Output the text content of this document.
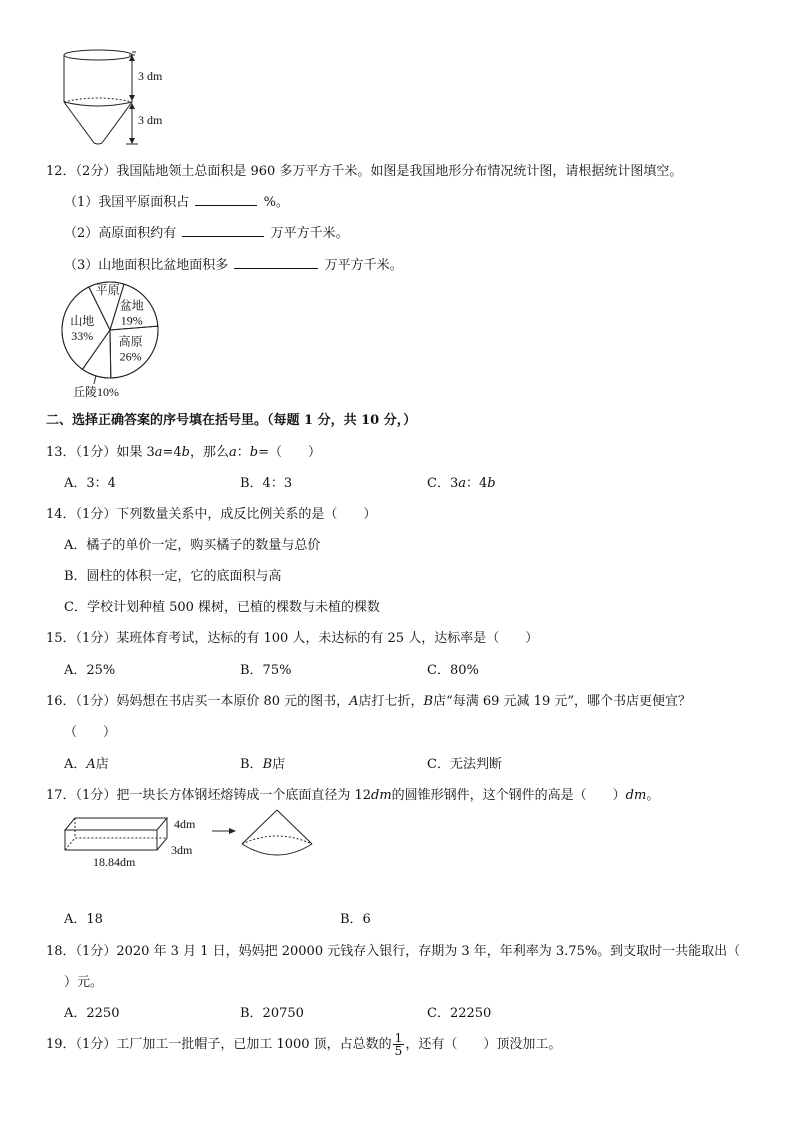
3 dm
3 dm
12．（2分）我国陆地领土总面积是 960 多万平方千米。如图是我国地形分布情况统计图，请根据统计图填空。
（1）我国平原面积占	%。
（2）高原面积约有	万平方千米。
（3）山地面积比盆地面积多	万平方千米。
山地
33%
平原
盆地
19%
高原
26%
丘陵10%
二、选择正确答案的序号填在括号里。（每题 1 分，共 10 分，）
13．（1分）如果 3a=4b，那么a：b=（　　）
A．3：4	B．4：3	C．3a：4b
14．（1分）下列数量关系中，成反比例关系的是（　　）
A．橘子的单价一定，购买橘子的数量与总价
B．圆柱的体积一定，它的底面积与高
C．学校计划种植 500 棵树，已植的棵数与未植的棵数
15．（1分）某班体育考试，达标的有 100 人，未达标的有 25 人，达标率是（　　）
A．25%	B．75%	C．80%
16．（1分）妈妈想在书店买一本原价 80 元的图书，A店打七折，B店“每满 69 元减 19 元”，哪个书店更便宜？
（　　）
A．A店	B．B店	C．无法判断
17．（1分）把一块长方体钢坯熔铸成一个底面直径为 12dm的圆锥形钢件，这个钢件的高是（　　）dm。
4dm
3dm
18.84dm
A．18	B．6
18．（1分）2020 年 3 月 1 日，妈妈把 20000 元钱存入银行，存期为 3 年，年利率为 3.75%。到支取时一共能取出（
）元。
A．2250	B．20750	C．22250
19．（1分）工厂加工一批帽子，已加工 1000 顶，占总数的 $\frac{1}{5}$ ，还有（　　）顶没加工。
